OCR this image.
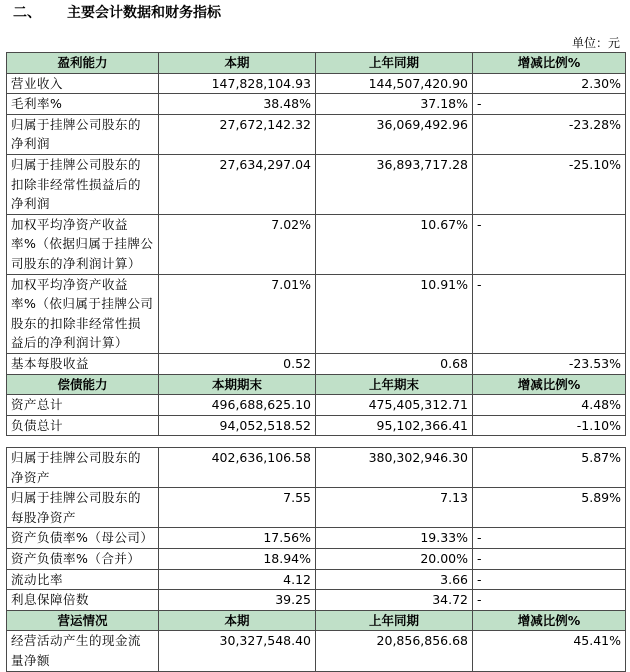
二、 主要会计数据和财务指标
单位：元
盈利能力	本期	上年同期	增减比例%
营业收入	147,828,104.93	144,507,420.90	2.30%
毛利率%	38.48%	37.18%	-
归属于挂牌公司股东的
净利润	27,672,142.32	36,069,492.96	-23.28%
归属于挂牌公司股东的
扣除非经常性损益后的
净利润	27,634,297.04	36,893,717.28	-25.10%
加权平均净资产收益
率%（依据归属于挂牌公
司股东的净利润计算）	7.02%	10.67%	-
加权平均净资产收益
率%（依归属于挂牌公司
股东的扣除非经常性损
益后的净利润计算）	7.01%	10.91%	-
基本每股收益	0.52	0.68	-23.53%
偿债能力	本期期末	上年期末	增减比例%
资产总计	496,688,625.10	475,405,312.71	4.48%
负债总计	94,052,518.52	95,102,366.41	-1.10%
归属于挂牌公司股东的
净资产	402,636,106.58	380,302,946.30	5.87%
归属于挂牌公司股东的
每股净资产	7.55	7.13	5.89%
资产负债率%（母公司）	17.56%	19.33%	-
资产负债率%（合并）	18.94%	20.00%	-
流动比率	4.12	3.66	-
利息保障倍数	39.25	34.72	-
营运情况	本期	上年同期	增减比例%
经营活动产生的现金流
量净额	30,327,548.40	20,856,856.68	45.41%
